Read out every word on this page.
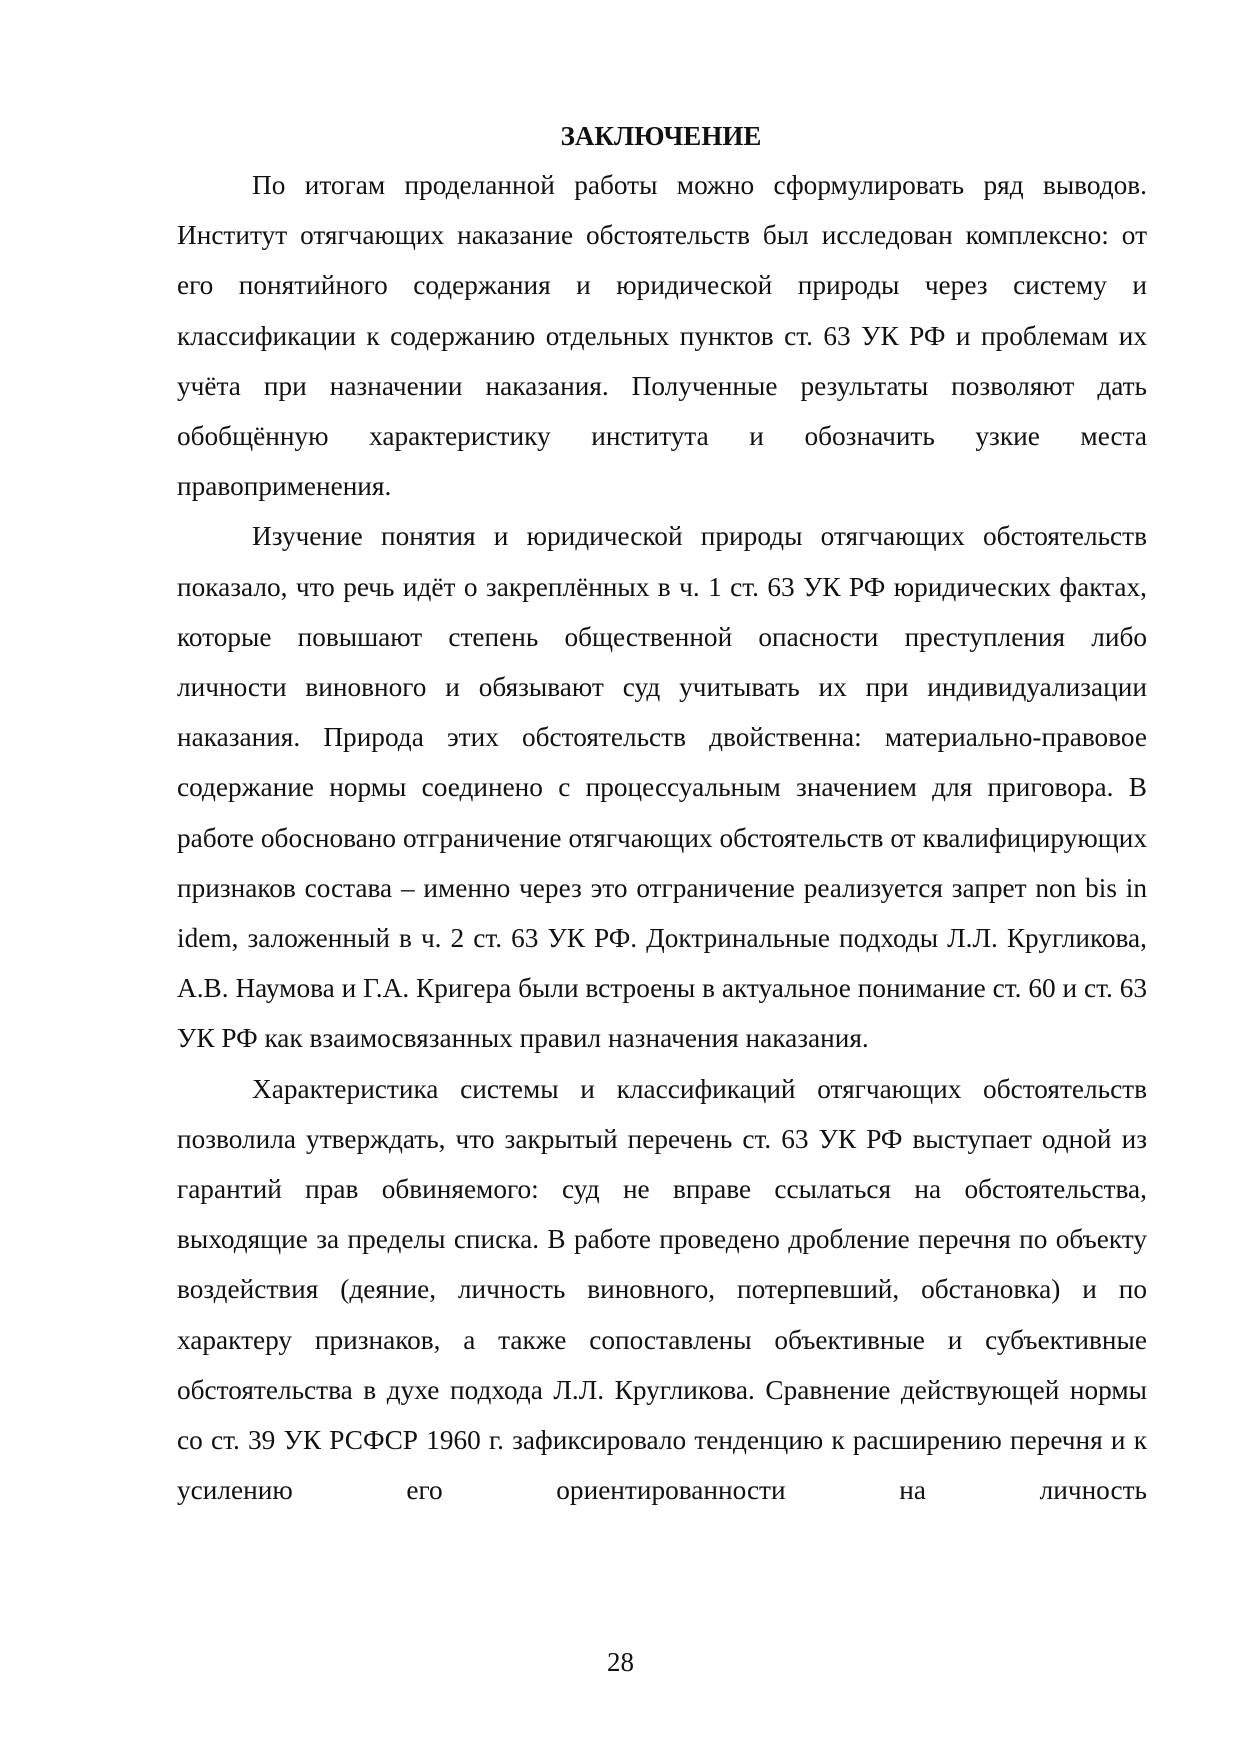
ЗАКЛЮЧЕНИЕ

По итогам проделанной работы можно сформулировать ряд выводов. Институт отягчающих наказание обстоятельств был исследован комплексно: от его понятийного содержания и юридической природы через систему и классификации к содержанию отдельных пунктов ст. 63 УК РФ и проблемам их учёта при назначении наказания. Полученные результаты позволяют дать обобщённую характеристику института и обозначить узкие места правоприменения.

Изучение понятия и юридической природы отягчающих обстоятельств показало, что речь идёт о закреплённых в ч. 1 ст. 63 УК РФ юридических фактах, которые повышают степень общественной опасности преступления либо личности виновного и обязывают суд учитывать их при индивидуализации наказания. Природа этих обстоятельств двойственна: материально-правовое содержание нормы соединено с процессуальным значением для приговора. В работе обосновано отграничение отягчающих обстоятельств от квалифицирующих признаков состава – именно через это отграничение реализуется запрет non bis in idem, заложенный в ч. 2 ст. 63 УК РФ. Доктринальные подходы Л.Л. Кругликова, А.В. Наумова и Г.А. Кригера были встроены в актуальное понимание ст. 60 и ст. 63 УК РФ как взаимосвязанных правил назначения наказания.

Характеристика системы и классификаций отягчающих обстоятельств позволила утверждать, что закрытый перечень ст. 63 УК РФ выступает одной из гарантий прав обвиняемого: суд не вправе ссылаться на обстоятельства, выходящие за пределы списка. В работе проведено дробление перечня по объекту воздействия (деяние, личность виновного, потерпевший, обстановка) и по характеру признаков, а также сопоставлены объективные и субъективные обстоятельства в духе подхода Л.Л. Кругликова. Сравнение действующей нормы со ст. 39 УК РСФСР 1960 г. зафиксировало тенденцию к расширению перечня и к усилению его ориентированности на личность

28
